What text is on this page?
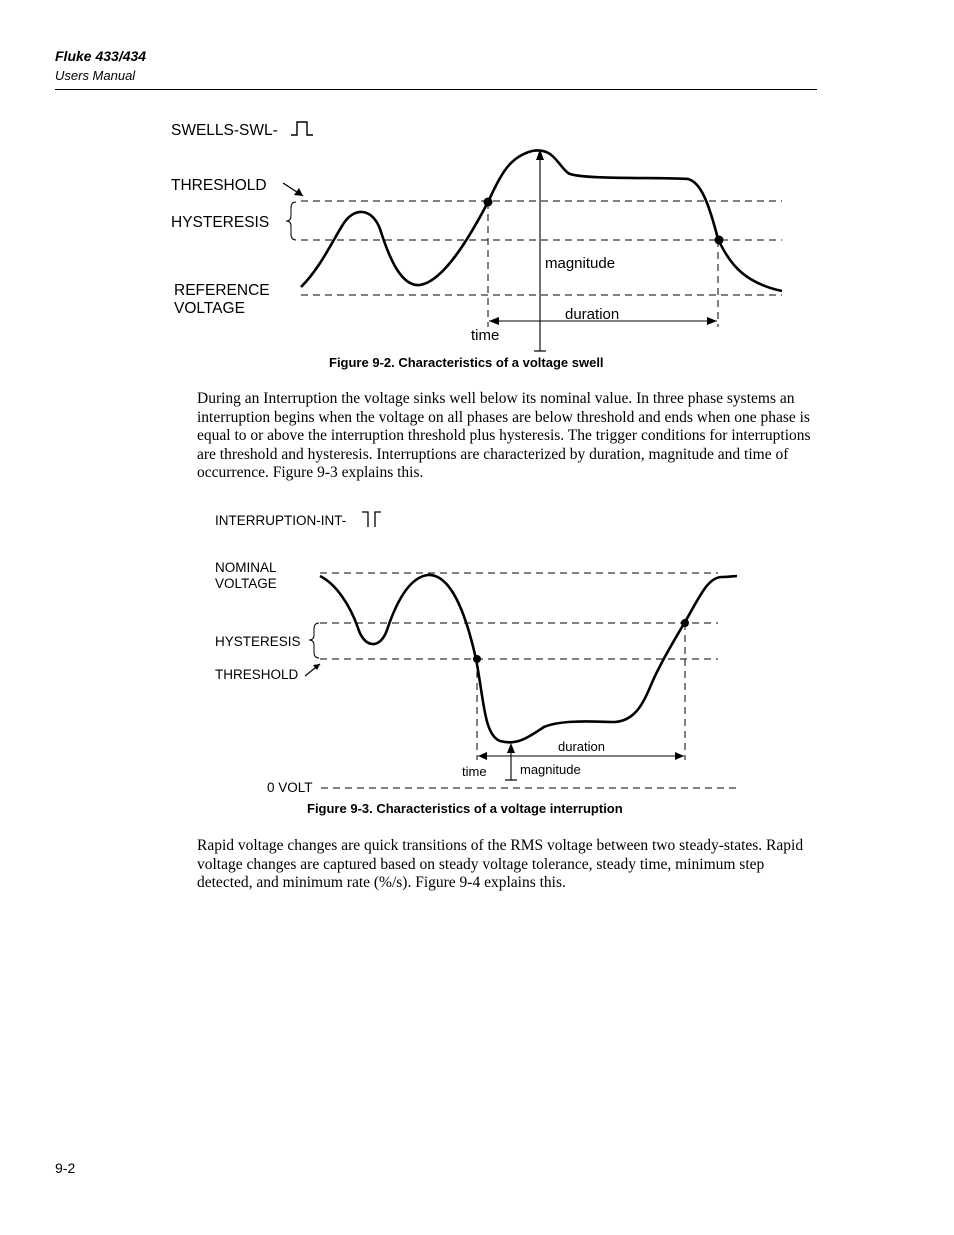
Fluke 433/434
Users Manual
SWELLS-SWL-
THRESHOLD
HYSTERESIS
REFERENCE
VOLTAGE
magnitude
duration
time
Figure 9-2. Characteristics of a voltage swell

During an Interruption the voltage sinks well below its nominal value. In three phase systems an interruption begins when the voltage on all phases are below threshold and ends when one phase is equal to or above the interruption threshold plus hysteresis. The trigger conditions for interruptions are threshold and hysteresis. Interruptions are characterized by duration, magnitude and time of occurrence. Figure 9-3 explains this.

INTERRUPTION-INT-
NOMINAL
VOLTAGE
HYSTERESIS
THRESHOLD
0 VOLT
duration
magnitude
time
Figure 9-3. Characteristics of a voltage interruption

Rapid voltage changes are quick transitions of the RMS voltage between two steady-states. Rapid voltage changes are captured based on steady voltage tolerance, steady time, minimum step detected, and minimum rate (%/s). Figure 9-4 explains this.

9-2
